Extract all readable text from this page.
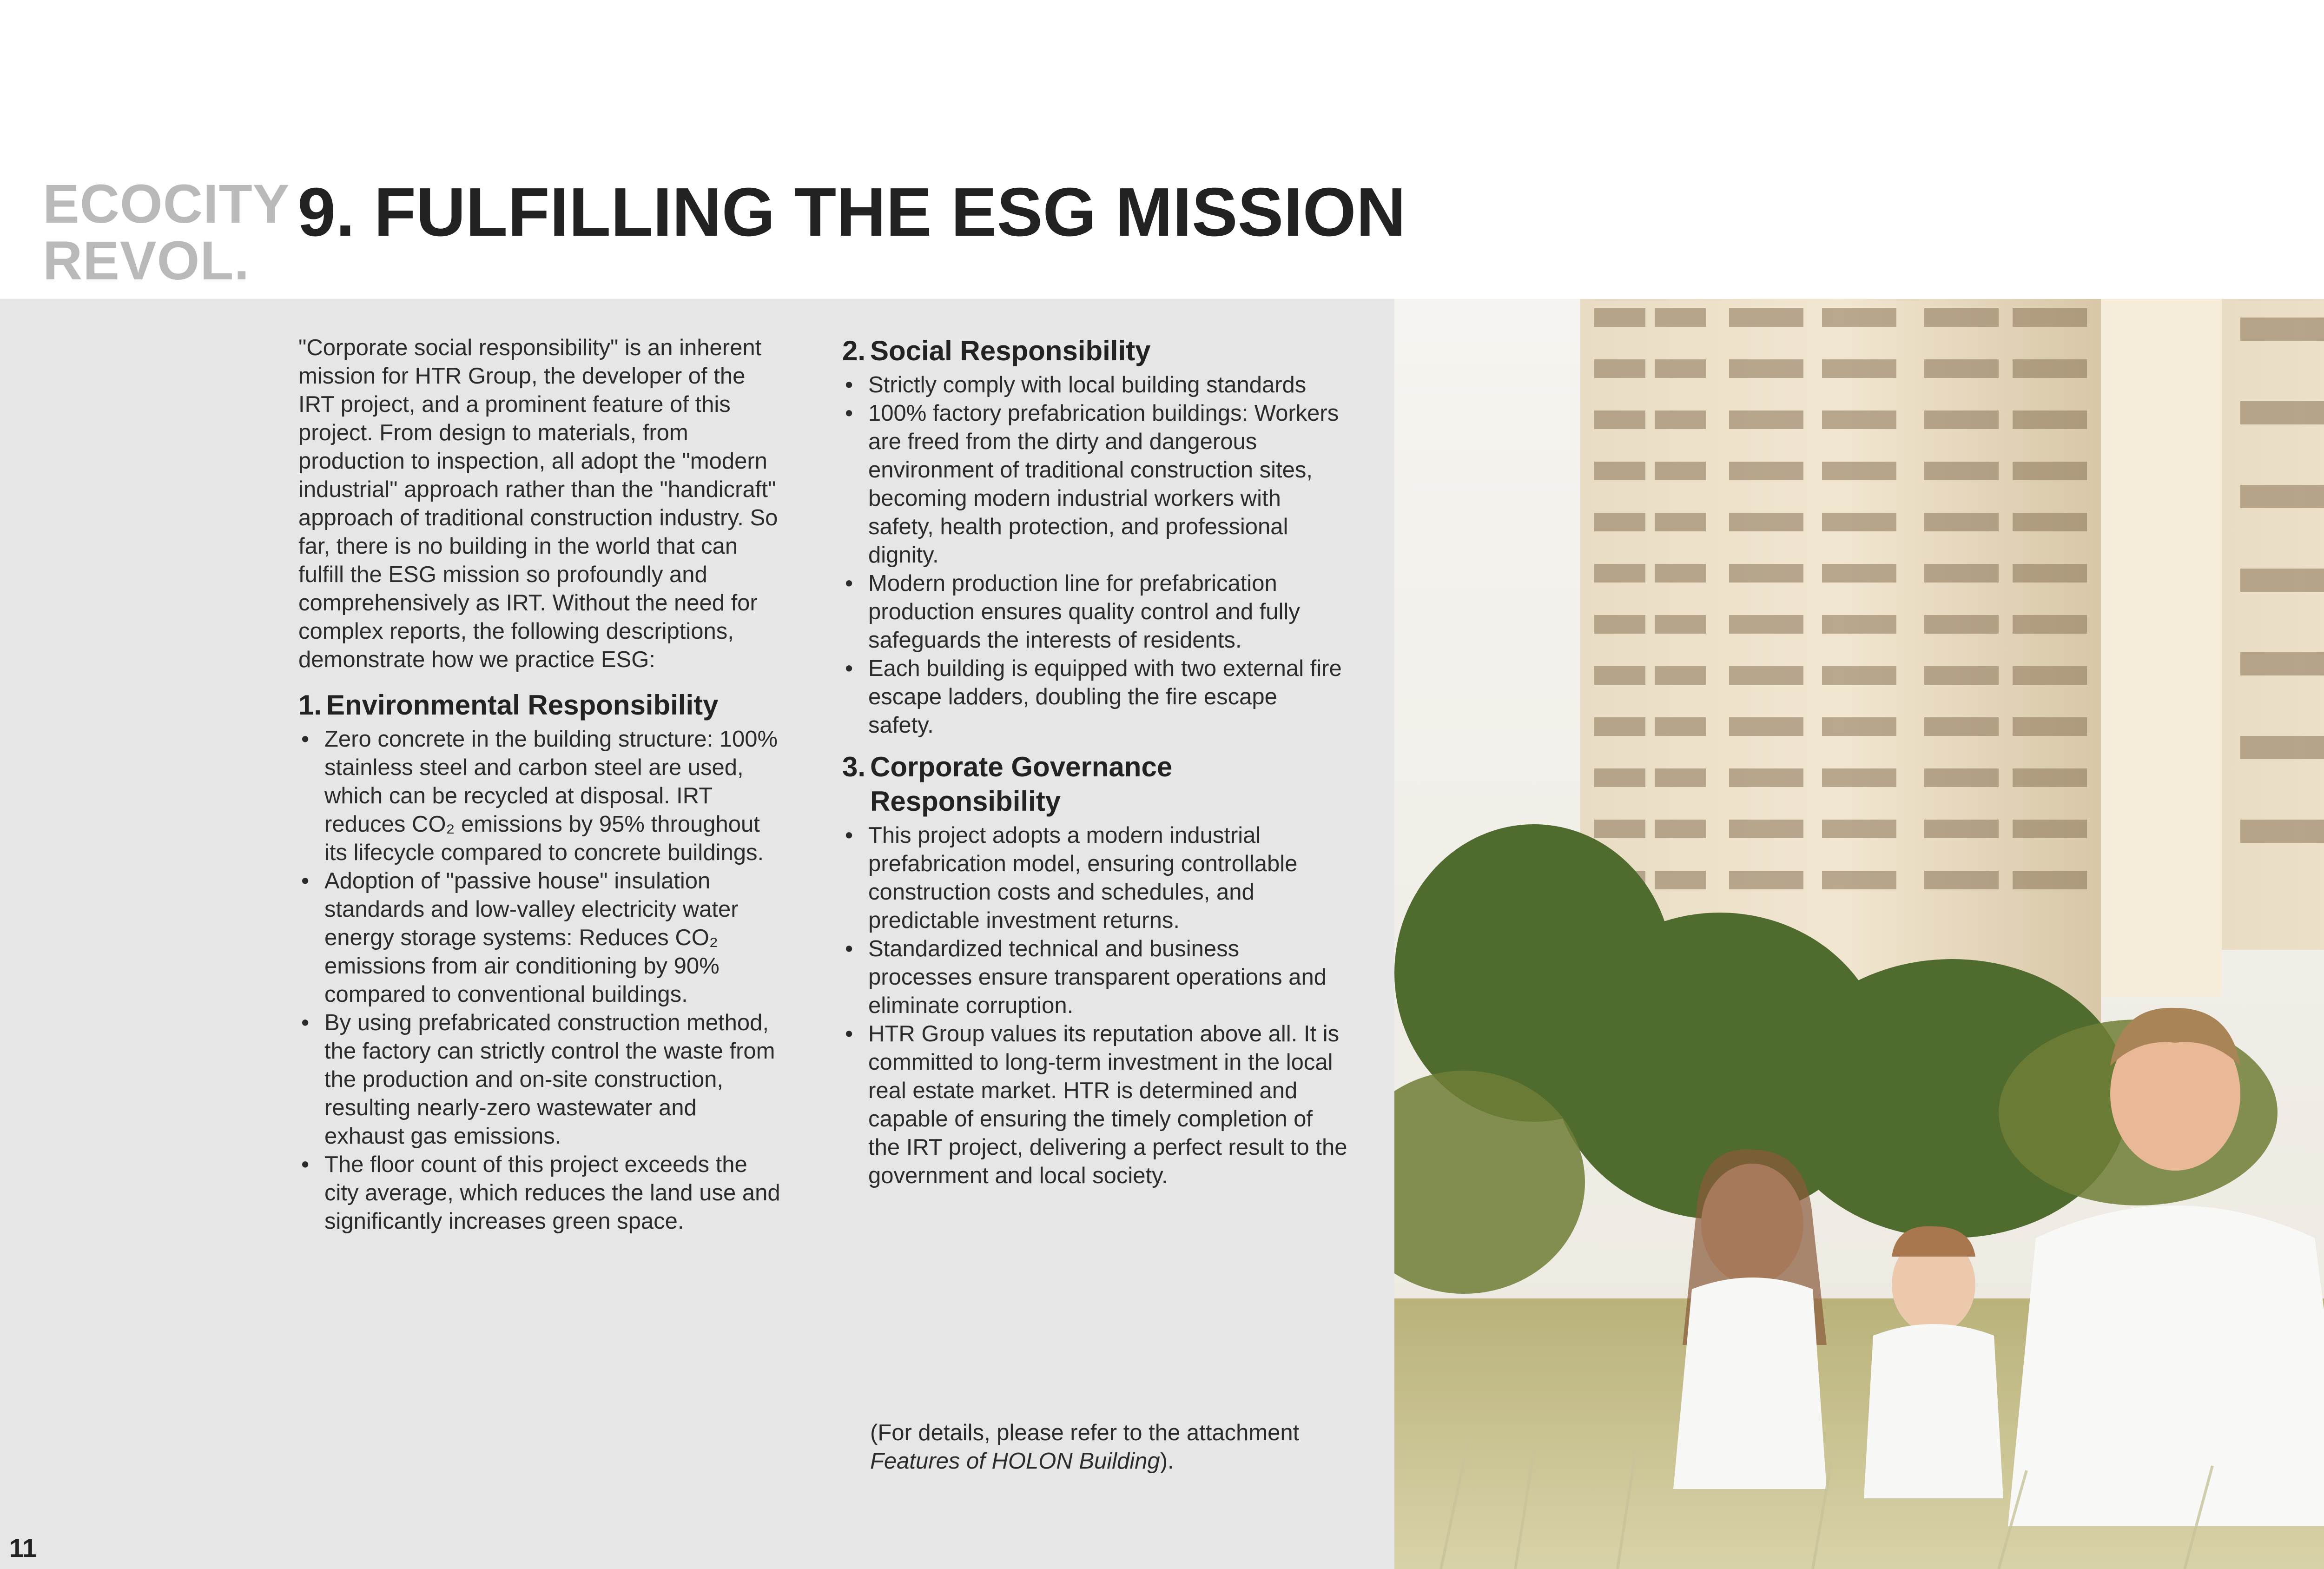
ECOCITY
REVOL.
9. FULFILLING THE ESG MISSION

"Corporate social responsibility" is an inherent mission for HTR Group, the developer of the IRT project, and a prominent feature of this project. From design to materials, from production to inspection, all adopt the "modern industrial" approach rather than the "handicraft" approach of traditional construction industry. So far, there is no building in the world that can fulfill the ESG mission so profoundly and comprehensively as IRT. Without the need for complex reports, the following descriptions, demonstrate how we practice ESG:

1. Environmental Responsibility
• Zero concrete in the building structure: 100% stainless steel and carbon steel are used, which can be recycled at disposal. IRT reduces CO₂ emissions by 95% throughout its lifecycle compared to concrete buildings.
• Adoption of "passive house" insulation standards and low-valley electricity water energy storage systems: Reduces CO₂ emissions from air conditioning by 90% compared to conventional buildings.
• By using prefabricated construction method, the factory can strictly control the waste from the production and on-site construction, resulting nearly-zero wastewater and exhaust gas emissions.
• The floor count of this project exceeds the city average, which reduces the land use and significantly increases green space.
2. Social Responsibility
• Strictly comply with local building standards
• 100% factory prefabrication buildings: Workers are freed from the dirty and dangerous environment of traditional construction sites, becoming modern industrial workers with safety, health protection, and professional dignity.
• Modern production line for prefabrication production ensures quality control and fully safeguards the interests of residents.
• Each building is equipped with two external fire escape ladders, doubling the fire escape safety.
3. Corporate Governance Responsibility
• This project adopts a modern industrial prefabrication model, ensuring controllable construction costs and schedules, and predictable investment returns.
• Standardized technical and business processes ensure transparent operations and eliminate corruption.
• HTR Group values its reputation above all. It is committed to long-term investment in the local real estate market. HTR is determined and capable of ensuring the timely completion of the IRT project, delivering a perfect result to the government and local society.
(For details, please refer to the attachment
Features of HOLON Building).
11
